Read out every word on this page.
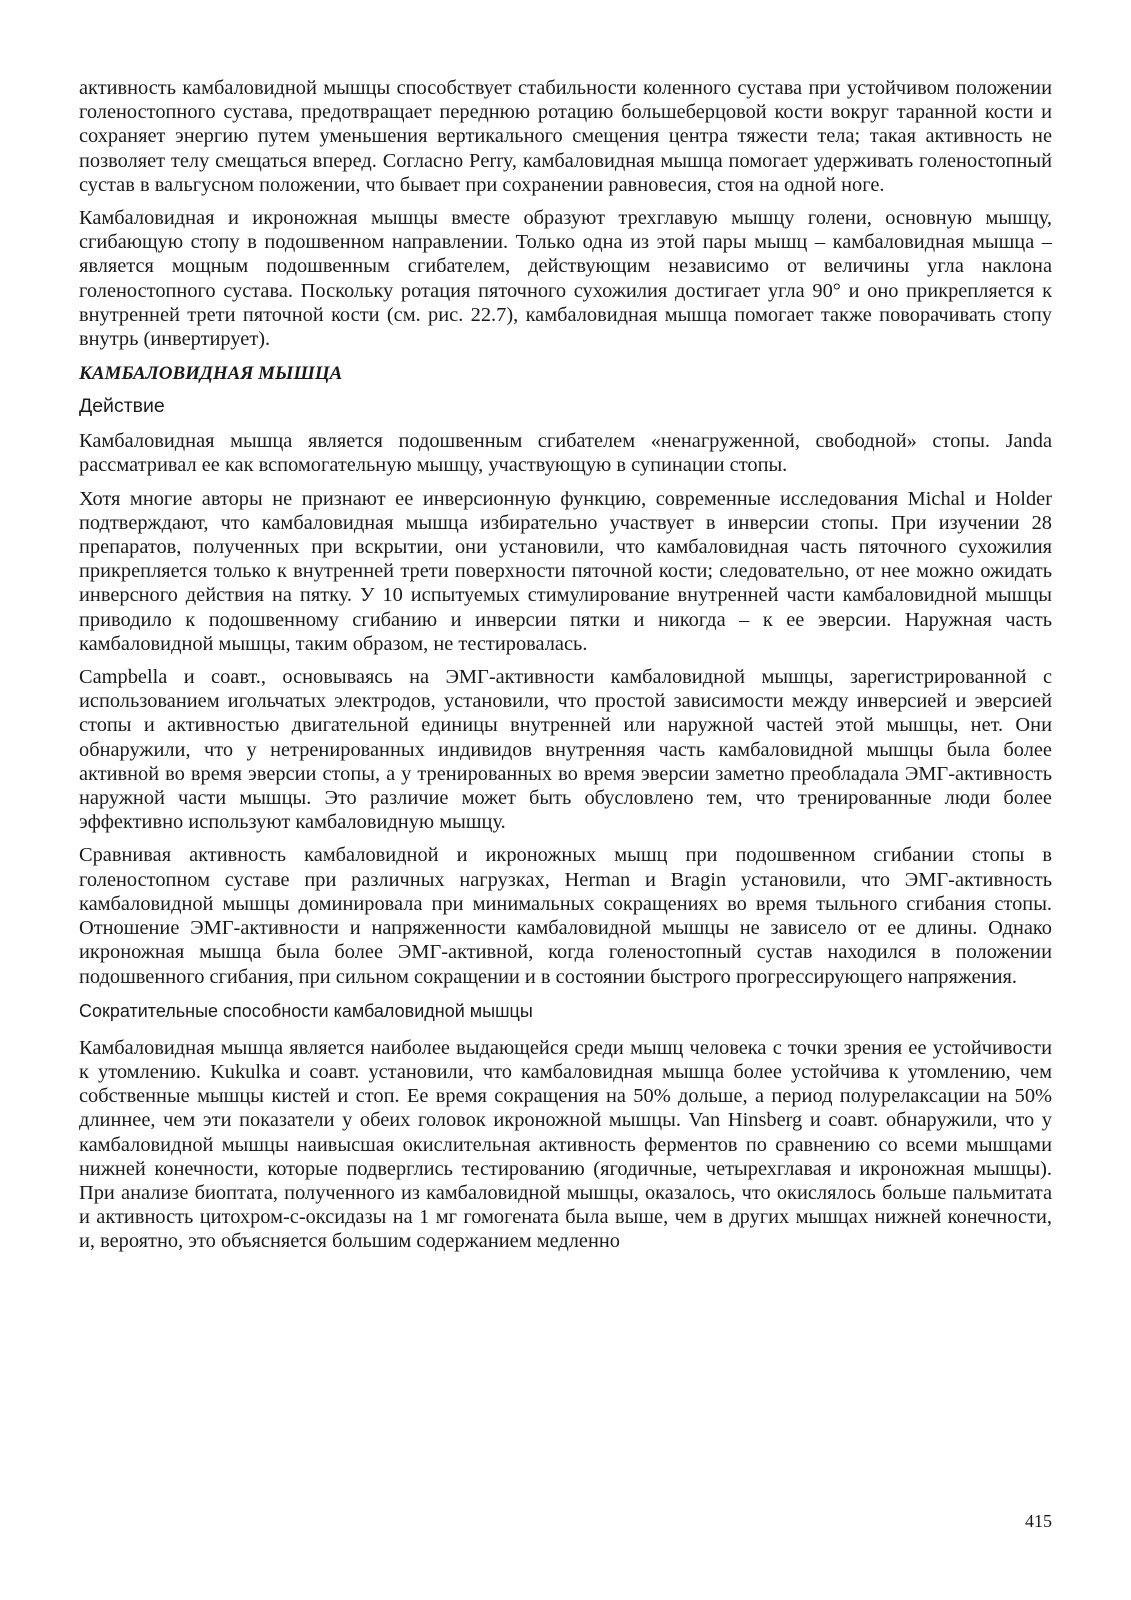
активность камбаловидной мышцы способствует стабильности коленного сустава при устойчивом положении голеностопного сустава, предотвращает переднюю ротацию большеберцовой кости вокруг таранной кости и сохраняет энергию путем уменьшения вертикального смещения центра тяжести тела; такая активность не позволяет телу смещаться вперед. Согласно Perry, камбаловидная мышца помогает удерживать голеностопный сустав в вальгусном положении, что бывает при сохранении равновесия, стоя на одной ноге.

Камбаловидная и икроножная мышцы вместе образуют трехглавую мышцу голени, основную мышцу, сгибающую стопу в подошвенном направлении. Только одна из этой пары мышц – камбаловидная мышца – является мощным подошвенным сгибателем, действующим независимо от величины угла наклона голеностопного сустава. Поскольку ротация пяточного сухожилия достигает угла 90° и оно прикрепляется к внутренней трети пяточной кости (см. рис. 22.7), камбаловидная мышца помогает также поворачивать стопу внутрь (инвертирует).

КАМБАЛОВИДНАЯ МЫШЦА
Действие

Камбаловидная мышца является подошвенным сгибателем «ненагруженной, свободной» стопы. Janda рассматривал ее как вспомогательную мышцу, участвующую в супинации стопы.

Хотя многие авторы не признают ее инверсионную функцию, современные исследования Michal и Holder подтверждают, что камбаловидная мышца избирательно участвует в инверсии стопы. При изучении 28 препаратов, полученных при вскрытии, они установили, что камбаловидная часть пяточного сухожилия прикрепляется только к внутренней трети поверхности пяточной кости; следовательно, от нее можно ожидать инверсного действия на пятку. У 10 испытуемых стимулирование внутренней части камбаловидной мышцы приводило к подошвенному сгибанию и инверсии пятки и никогда – к ее эверсии. Наружная часть камбаловидной мышцы, таким образом, не тестировалась.

Campbella и соавт., основываясь на ЭМГ-активности камбаловидной мышцы, зарегистрированной с использованием игольчатых электродов, установили, что простой зависимости между инверсией и эверсией стопы и активностью двигательной единицы внутренней или наружной частей этой мышцы, нет. Они обнаружили, что у нетренированных индивидов внутренняя часть камбаловидной мышцы была более активной во время эверсии стопы, а у тренированных во время эверсии заметно преобладала ЭМГ-активность наружной части мышцы. Это различие может быть обусловлено тем, что тренированные люди более эффективно используют камбаловидную мышцу.

Сравнивая активность камбаловидной и икроножных мышц при подошвенном сгибании стопы в голеностопном суставе при различных нагрузках, Herman и Bragin установили, что ЭМГ-активность камбаловидной мышцы доминировала при минимальных сокращениях во время тыльного сгибания стопы. Отношение ЭМГ-активности и напряженности камбаловидной мышцы не зависело от ее длины. Однако икроножная мышца была более ЭМГ-активной, когда голеностопный сустав находился в положении подошвенного сгибания, при сильном сокращении и в состоянии быстрого прогрессирующего напряжения.

Сократительные способности камбаловидной мышцы

Камбаловидная мышца является наиболее выдающейся среди мышц человека с точки зрения ее устойчивости к утомлению. Kukulka и соавт. установили, что камбаловидная мышца более устойчива к утомлению, чем собственные мышцы кистей и стоп. Ее время сокращения на 50% дольше, а период полурелаксации на 50% длиннее, чем эти показатели у обеих головок икроножной мышцы. Van Hinsberg и соавт. обнаружили, что у камбаловидной мышцы наивысшая окислительная активность ферментов по сравнению со всеми мышцами нижней конечности, которые подверглись тестированию (ягодичные, четырехглавая и икроножная мышцы). При анализе биоптата, полученного из камбаловидной мышцы, оказалось, что окислялось больше пальмитата и активность цитохром-с-оксидазы на 1 мг гомогената была выше, чем в других мышцах нижней конечности, и, вероятно, это объясняется большим содержанием медленно

415
